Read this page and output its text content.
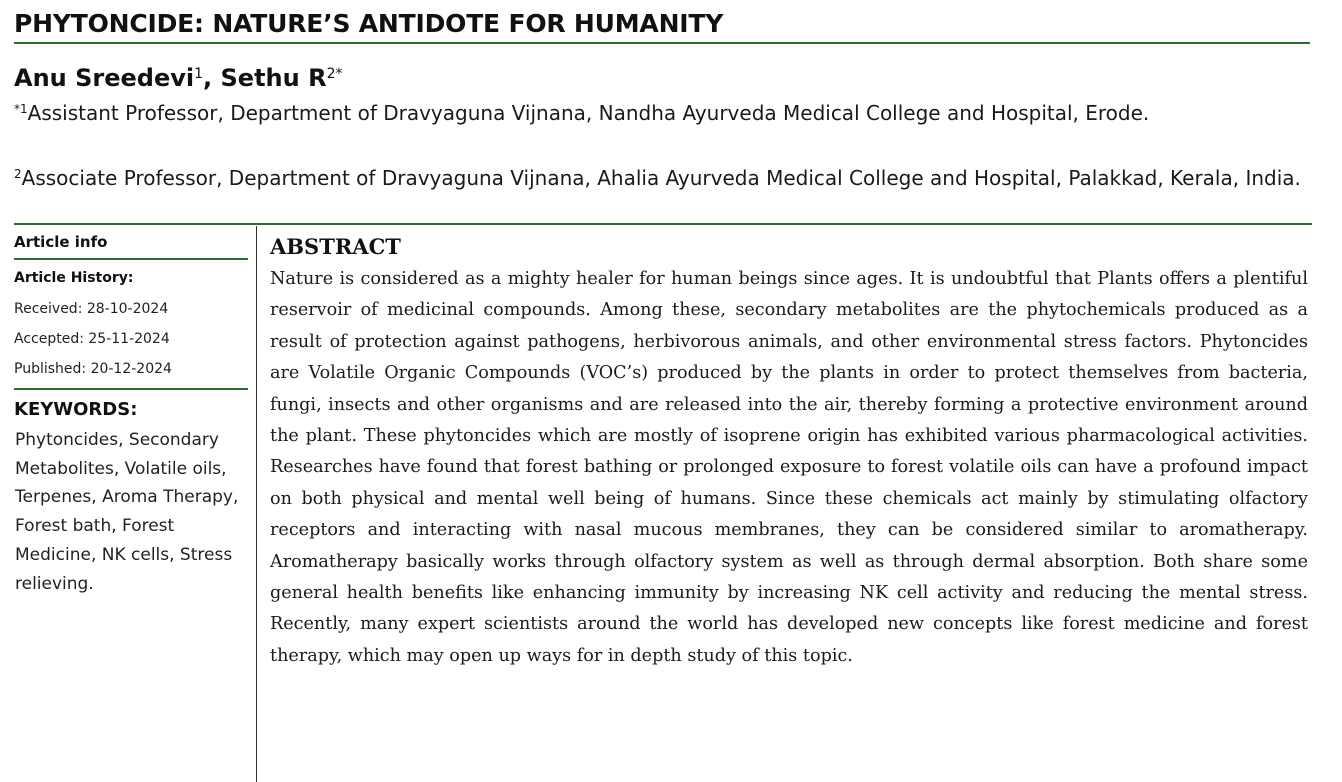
PHYTONCIDE: NATURE’S ANTIDOTE FOR HUMANITY
Anu Sreedevi$^1$, Sethu $R^{2*}$
$^{*1}$Assistant Professor, Department of Dravyaguna Vijnana, Nandha Ayurveda Medical College and Hospital, Erode.
$^2$Associate Professor, Department of Dravyaguna Vijnana, Ahalia Ayurveda Medical College and Hospital, Palakkad, Kerala, India.
Article info
Article History:
Received: 28-10-2024
Accepted: 25-11-2024
Published: 20-12-2024
KEYWORDS:
Phytoncides, Secondary Metabolites, Volatile oils, Terpenes, Aroma Therapy, Forest bath, Forest Medicine, NK cells, Stress relieving.
ABSTRACT
Nature is considered as a mighty healer for human beings since ages. It is undoubtful that Plants offers a plentiful reservoir of medicinal compounds. Among these, secondary metabolites are the phytochemicals produced as a result of protection against pathogens, herbivorous animals, and other environmental stress factors. Phytoncides are Volatile Organic Compounds (VOC’s) produced by the plants in order to protect themselves from bacteria, fungi, insects and other organisms and are released into the air, thereby forming a protective environment around the plant. These phytoncides which are mostly of isoprene origin has exhibited various pharmacological activities. Researches have found that forest bathing or prolonged exposure to forest volatile oils can have a profound impact on both physical and mental well being of humans. Since these chemicals act mainly by stimulating olfactory receptors and interacting with nasal mucous membranes, they can be considered similar to aromatherapy. Aromatherapy basically works through olfactory system as well as through dermal absorption. Both share some general health benefits like enhancing immunity by increasing NK cell activity and reducing the mental stress. Recently, many expert scientists around the world has developed new concepts like forest medicine and forest therapy, which may open up ways for in depth study of this topic.
